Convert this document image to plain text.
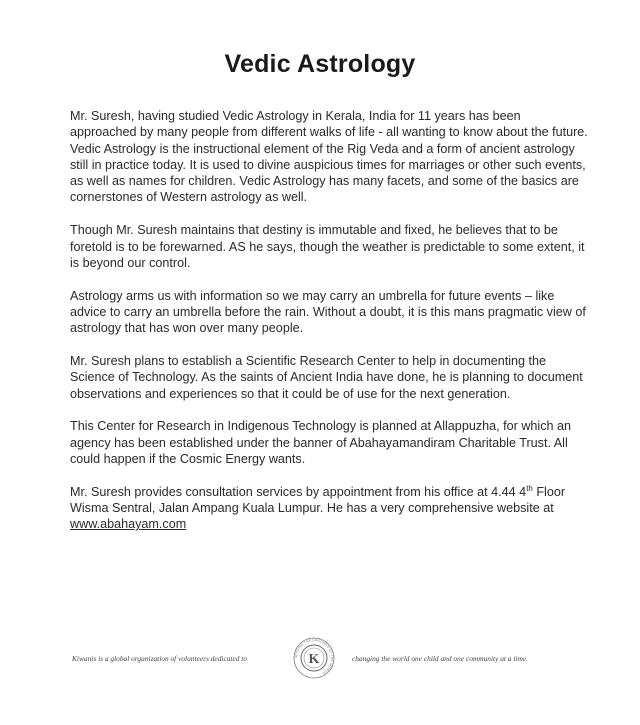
Vedic Astrology

Mr. Suresh, having studied Vedic Astrology in Kerala, India for 11 years has been approached by many people from different walks of life - all wanting to know about the future. Vedic Astrology is the instructional element of the Rig Veda and a form of ancient astrology still in practice today. It is used to divine auspicious times for marriages or other such events, as well as names for children. Vedic Astrology has many facets, and some of the basics are cornerstones of Western astrology as well.

Though Mr. Suresh maintains that destiny is immutable and fixed, he believes that to be foretold is to be forewarned. AS he says, though the weather is predictable to some extent, it is beyond our control.

Astrology arms us with information so we may carry an umbrella for future events – like advice to carry an umbrella before the rain. Without a doubt, it is this mans pragmatic view of astrology that has won over many people.

Mr. Suresh plans to establish a Scientific Research Center to help in documenting the Science of Technology. As the saints of Ancient India have done, he is planning to document observations and experiences so that it could be of use for the next generation.

This Center for Research in Indigenous Technology is planned at Allappuzha, for which an agency has been established under the banner of Abahayamandiram Charitable Trust. All could happen if the Cosmic Energy wants.

Mr. Suresh provides consultation services by appointment from his office at 4.44 4th Floor Wisma Sentral, Jalan Ampang Kuala Lumpur. He has a very comprehensive website at www.abahayam.com

Kiwanis is a global organization of volunteers dedicated to	K
SERVING THE CHILDREN OF THE WORLD
changing the world one child and one community at a time.
